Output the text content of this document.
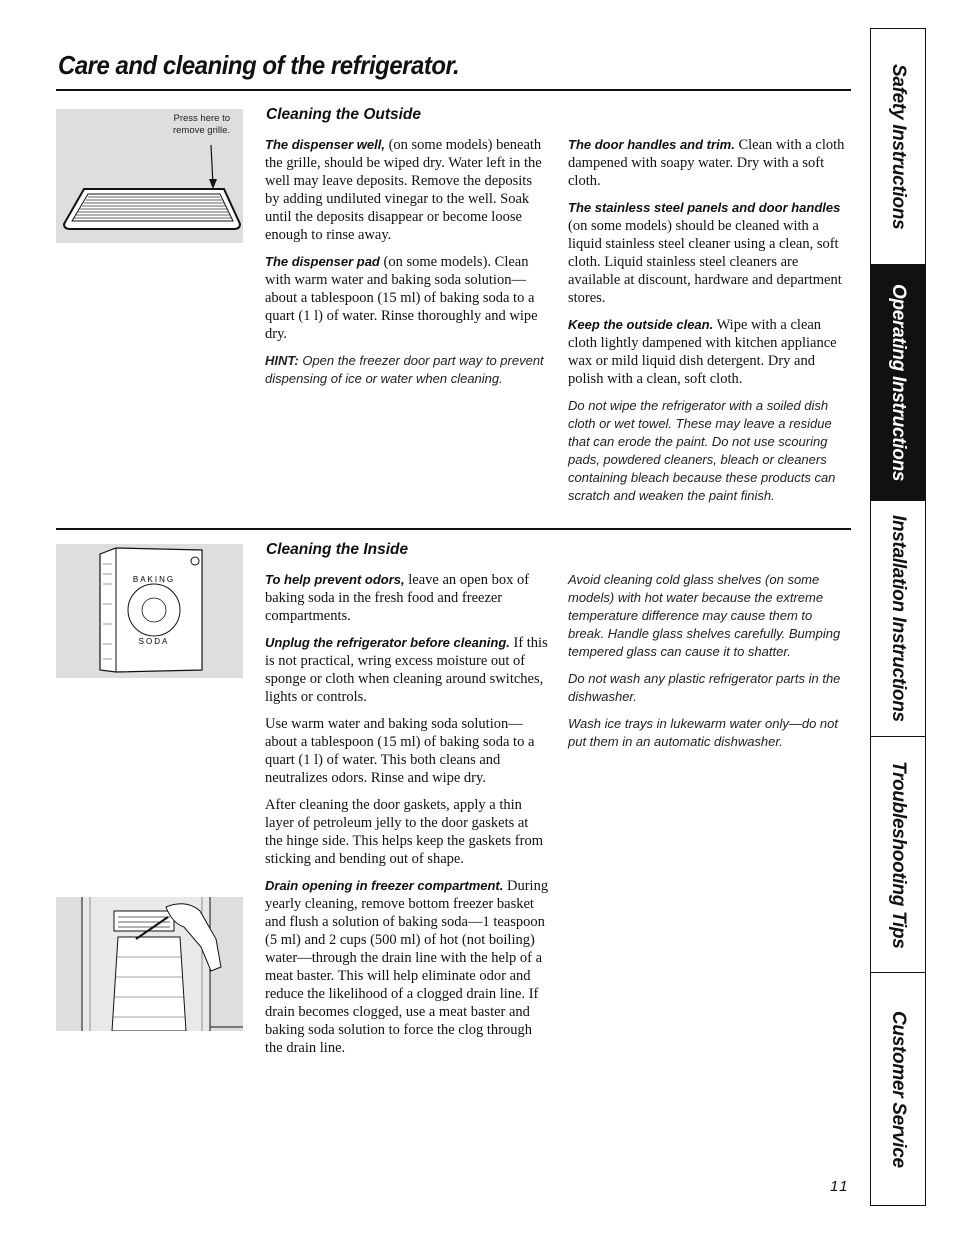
Care and cleaning of the refrigerator.	Safety Instructions
Operating Instructions
Installation Instructions
Troubleshooting Tips
Customer Service
Press here to remove grille.
Cleaning the Outside

The dispenser well, (on some models) beneath the grille, should be wiped dry. Water left in the well may leave deposits. Remove the deposits by adding undiluted vinegar to the well. Soak until the deposits disappear or become loose enough to rinse away.

The dispenser pad (on some models). Clean with warm water and baking soda solution—about a tablespoon (15 ml) of baking soda to a quart (1 l) of water. Rinse thoroughly and wipe dry.

HINT: Open the freezer door part way to prevent dispensing of ice or water when cleaning.

The door handles and trim. Clean with a cloth dampened with soapy water. Dry with a soft cloth.

The stainless steel panels and door handles (on some models) should be cleaned with a liquid stainless steel cleaner using a clean, soft cloth. Liquid stainless steel cleaners are available at discount, hardware and department stores.

Keep the outside clean. Wipe with a clean cloth lightly dampened with kitchen appliance wax or mild liquid dish detergent. Dry and polish with a clean, soft cloth.

Do not wipe the refrigerator with a soiled dish cloth or wet towel. These may leave a residue that can erode the paint. Do not use scouring pads, powdered cleaners, bleach or cleaners containing bleach because these products can scratch and weaken the paint finish.

BAKING
SODA
Cleaning the Inside

To help prevent odors, leave an open box of baking soda in the fresh food and freezer compartments.

Unplug the refrigerator before cleaning. If this is not practical, wring excess moisture out of sponge or cloth when cleaning around switches, lights or controls.

Use warm water and baking soda solution—about a tablespoon (15 ml) of baking soda to a quart (1 l) of water. This both cleans and neutralizes odors. Rinse and wipe dry.

After cleaning the door gaskets, apply a thin layer of petroleum jelly to the door gaskets at the hinge side. This helps keep the gaskets from sticking and bending out of shape.

Drain opening in freezer compartment. During yearly cleaning, remove bottom freezer basket and flush a solution of baking soda—1 teaspoon (5 ml) and 2 cups (500 ml) of hot (not boiling) water—through the drain line with the help of a meat baster. This will help eliminate odor and reduce the likelihood of a clogged drain line. If drain becomes clogged, use a meat baster and baking soda solution to force the clog through the drain line.

Avoid cleaning cold glass shelves (on some models) with hot water because the extreme temperature difference may cause them to break. Handle glass shelves carefully. Bumping tempered glass can cause it to shatter.

Do not wash any plastic refrigerator parts in the dishwasher.

Wash ice trays in lukewarm water only—do not put them in an automatic dishwasher.

11
